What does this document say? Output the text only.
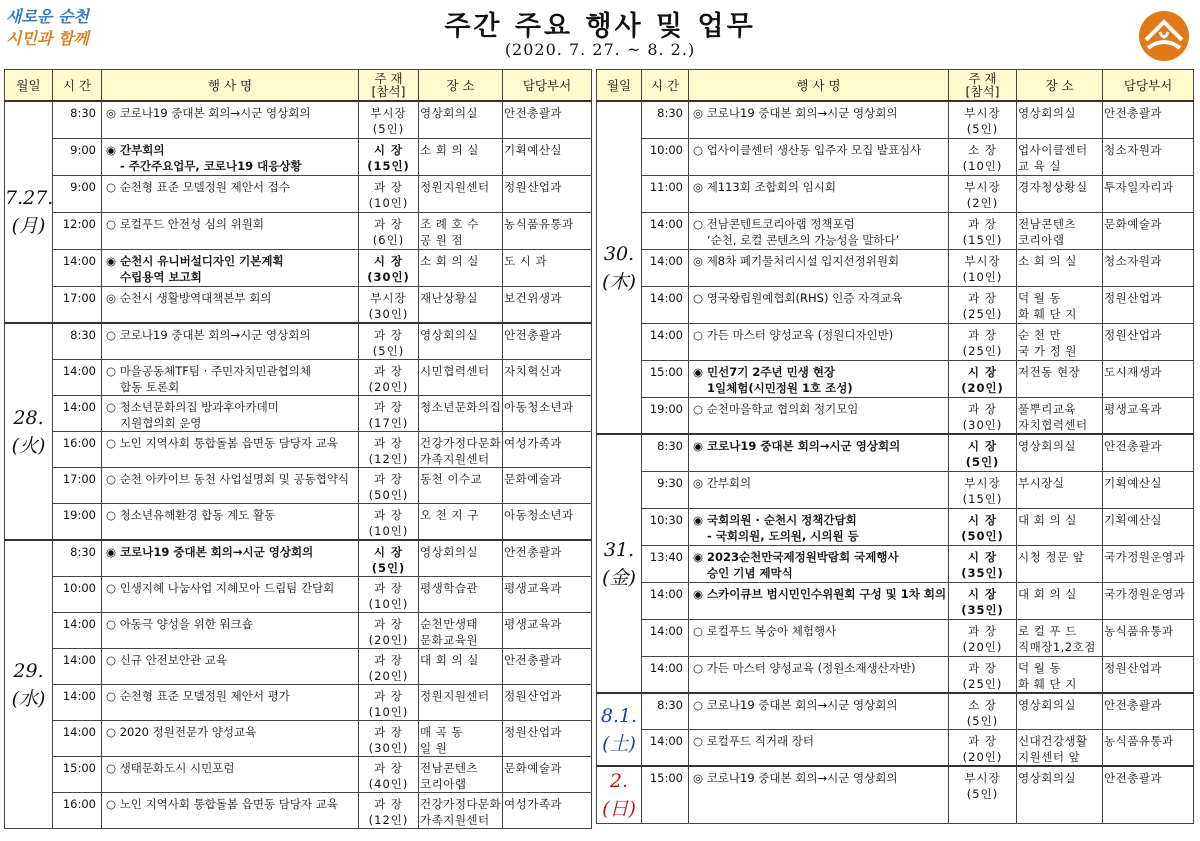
새로운 순천
시민과 함께	주간 주요 행사 및 업무
(2020. 7. 27. ~ 8. 2.)
월일	시 간	행 사 명	주 재
[참석]	장 소	담당부서
7.27.
(月)	8:30	◎ 코로나19 중대본 회의→시군 영상회의	부시장
(5인)	영상회의실	안전총괄과
	9:00	◉ 간부회의
- 주간주요업무, 코로나19 대응상황	시 장
(15인)	소 회 의 실	기획예산실
	9:00	○ 순천형 표준 모델정원 제안서 접수	과 장
(10인)	정원지원센터	정원산업과
	12:00	○ 로컬푸드 안전성 심의 위원회	과 장
(6인)	조 례 호 수
공 원 점	농식품유통과
	14:00	◉ 순천시 유니버설디자인 기본계획
수립용역 보고회	시 장
(30인)	소 회 의 실	도 시 과
	17:00	◎ 순천시 생활방역대책본부 회의	부시장
(30인)	재난상황실	보건위생과
28.
(火)	8:30	○ 코로나19 중대본 회의→시군 영상회의	과 장
(5인)	영상회의실	안전총괄과
	14:00	○ 마을공동체TF팀 · 주민자치민관협의체
합동 토론회	과 장
(20인)	시민협력센터	자치혁신과
	14:00	○ 청소년문화의집 방과후아카데미
지원협의회 운영	과 장
(17인)	청소년문화의집	아동청소년과
	16:00	○ 노인 지역사회 통합돌봄 읍면동 담당자 교육	과 장
(12인)	건강가정다문화
가족지원센터	여성가족과
	17:00	○ 순천 아카이브 동천 사업설명회 및 공동협약식	과 장
(50인)	동천 이수교	문화예술과
	19:00	○ 청소년유해환경 합동 계도 활동	과 장
(10인)	오 천 지 구	아동청소년과
29.
(水)	8:30	◉ 코로나19 중대본 회의→시군 영상회의	시 장
(5인)	영상회의실	안전총괄과
	10:00	○ 인생지혜 나눔사업 지혜모아 드림팀 간담회	과 장
(10인)	평생학습관	평생교육과
	14:00	○ 아동극 양성을 위한 워크숍	과 장
(20인)	순천만생태
문화교육원	평생교육과
	14:00	○ 신규 안전보안관 교육	과 장
(20인)	대 회 의 실	안전총괄과
	14:00	○ 순천형 표준 모델정원 제안서 평가	과 장
(10인)	정원지원센터	정원산업과
	14:00	○ 2020 정원전문가 양성교육	과 장
(30인)	매 곡 동
일 원	정원산업과
	15:00	○ 생태문화도시 시민포럼	과 장
(40인)	전남콘텐츠
코리아랩	문화예술과
	16:00	○ 노인 지역사회 통합돌봄 읍면동 담당자 교육	과 장
(12인)	건강가정다문화
가족지원센터	여성가족과
월일	시 간	행 사 명	주 재
[참석]	장 소	담당부서
30.
(木)	8:30	◎ 코로나19 중대본 회의→시군 영상회의	부시장
(5인)	영상회의실	안전총괄과
	10:00	○ 업사이클센터 생산동 입주자 모집 발표심사	소 장
(10인)	업사이클센터
교 육 실	청소자원과
	11:00	◎ 제113회 조합회의 임시회	부시장
(2인)	경자청상황실	투자일자리과
	14:00	○ 전남콘텐트코리아랩 정책포럼
‘순천, 로컬 콘텐츠의 가능성을 말하다’	과 장
(15인)	전남콘텐츠
코리아랩	문화예술과
	14:00	◎ 제8차 폐기물처리시설 입지선정위원회	부시장
(10인)	소 회 의 실	청소자원과
	14:00	○ 영국왕립원예협회(RHS) 인증 자격교육	과 장
(25인)	덕 월 동
화 훼 단 지	정원산업과
	14:00	○ 가든 마스터 양성교육 (정원디자인반)	과 장
(25인)	순 천 만
국 가 정 원	정원산업과
	15:00	◉ 민선7기 2주년 민생 현장
1일체험(시민정원 1호 조성)	시 장
(20인)	저전동 현장	도시재생과
	19:00	○ 순천마을학교 협의회 정기모임	과 장
(30인)	풀뿌리교육
자치협력센터	평생교육과
31.
(金)	8:30	◉ 코로나19 중대본 회의→시군 영상회의	시 장
(5인)	영상회의실	안전총괄과
	9:30	◎ 간부회의	부시장
(15인)	부시장실	기획예산실
	10:30	◉ 국회의원 · 순천시 정책간담회
- 국회의원, 도의원, 시의원 등	시 장
(50인)	대 회 의 실	기획예산실
	13:40	◉ 2023순천만국제정원박람회 국제행사
승인 기념 제막식	시 장
(35인)	시청 정문 앞	국가정원운영과
	14:00	◉ 스카이큐브 범시민인수위원회 구성 및 1차 회의	시 장
(35인)	대 회 의 실	국가정원운영과
	14:00	○ 로컬푸드 복숭아 체험행사	과 장
(20인)	로 컬 푸 드
직매장1,2호점	농식품유통과
	14:00	○ 가든 마스터 양성교육 (정원소재생산자반)	과 장
(25인)	덕 월 동
화 훼 단 지	정원산업과
8.1.
(土)	8:30	○ 코로나19 중대본 회의→시군 영상회의	소 장
(5인)	영상회의실	안전총괄과
	14:00	○ 로컬푸드 직거래 장터	과 장
(20인)	신대건강생활
지원센터 앞	농식품유통과
2.
(日)	15:00	◎ 코로나19 중대본 회의→시군 영상회의	부시장
(5인)	영상회의실	안전총괄과
